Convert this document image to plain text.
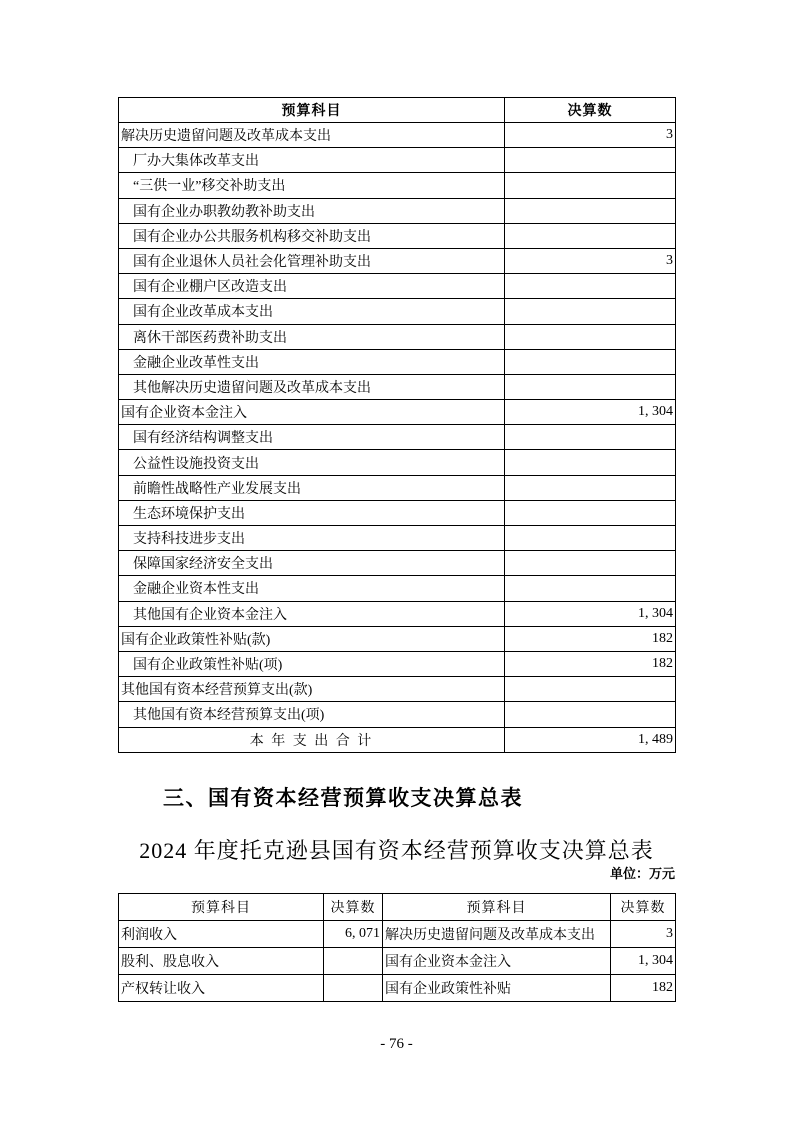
预算科目	决算数
解决历史遗留问题及改革成本支出	3
厂办大集体改革支出	
“三供一业”移交补助支出	
国有企业办职教幼教补助支出	
国有企业办公共服务机构移交补助支出	
国有企业退休人员社会化管理补助支出	3
国有企业棚户区改造支出	
国有企业改革成本支出	
离休干部医药费补助支出	
金融企业改革性支出	
其他解决历史遗留问题及改革成本支出	
国有企业资本金注入	1, 304
国有经济结构调整支出	
公益性设施投资支出	
前瞻性战略性产业发展支出	
生态环境保护支出	
支持科技进步支出	
保障国家经济安全支出	
金融企业资本性支出	
其他国有企业资本金注入	1, 304
国有企业政策性补贴(款)	182
国有企业政策性补贴(项)	182
其他国有资本经营预算支出(款)	
其他国有资本经营预算支出(项)	
本 年 支 出 合 计	1, 489
三、国有资本经营预算收支决算总表
2024 年度托克逊县国有资本经营预算收支决算总表
单位：万元
预算科目	决算数	预算科目	决算数
利润收入	6, 071	解决历史遗留问题及改革成本支出	3
股利、股息收入		国有企业资本金注入	1, 304
产权转让收入		国有企业政策性补贴	182
- 76 -
